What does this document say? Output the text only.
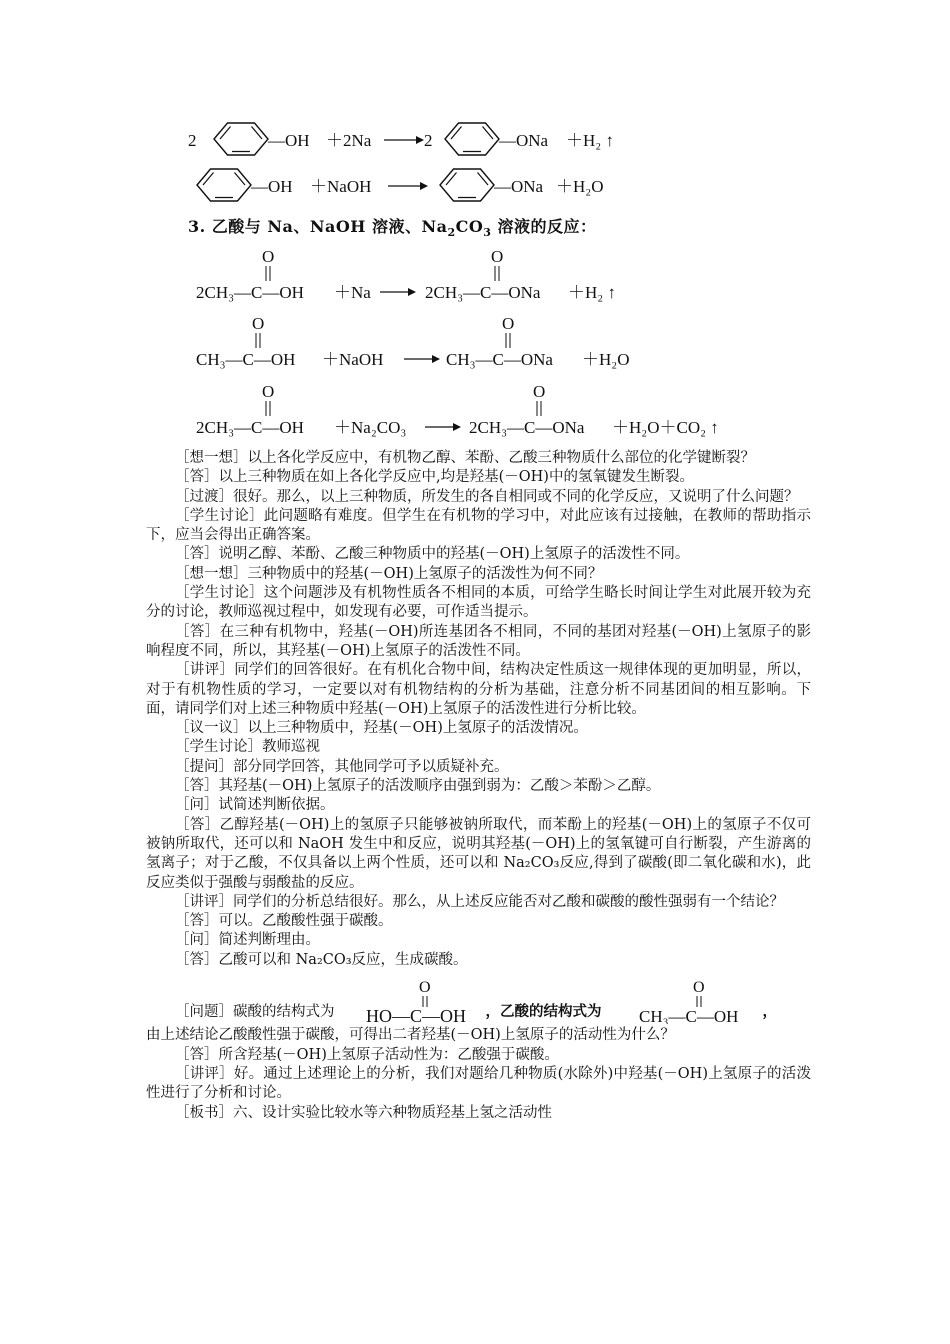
2	—OH ＋2Na	2	—ONa ＋H₂ ↑
—OH ＋NaOH	—ONa ＋H₂O
O
2CH₃—C—OH ＋Na
O
2CH₃—C—ONa ＋H₂ ↑
O
CH₃—C—OH ＋NaOH
O
CH₃—C—ONa ＋H₂O
O
2CH₃—C—OH ＋Na₂CO₃
O
2CH₃—C—ONa ＋H₂O＋CO₂ ↑
3. 乙酸与 Na、NaOH 溶液、$Na_2CO_3$ 溶液的反应：

［想一想］以上各化学反应中，有机物乙醇、苯酚、乙酸三种物质什么部位的化学键断裂？

［答］以上三种物质在如上各化学反应中,均是羟基(－OH)中的氢氧键发生断裂。

［过渡］很好。那么，以上三种物质，所发生的各自相同或不同的化学反应，又说明了什么问题？

［学生讨论］此问题略有难度。但学生在有机物的学习中，对此应该有过接触，在教师的帮助指示下，应当会得出正确答案。

［答］说明乙醇、苯酚、乙酸三种物质中的羟基(－OH)上氢原子的活泼性不同。

［想一想］三种物质中的羟基(－OH)上氢原子的活泼性为何不同？

［学生讨论］这个问题涉及有机物性质各不相同的本质，可给学生略长时间让学生对此展开较为充分的讨论，教师巡视过程中，如发现有必要，可作适当提示。

［答］在三种有机物中，羟基(－OH)所连基团各不相同，不同的基团对羟基(－OH)上氢原子的影响程度不同，所以，其羟基(－OH)上氢原子的活泼性不同。

［讲评］同学们的回答很好。在有机化合物中间，结构决定性质这一规律体现的更加明显，所以，对于有机物性质的学习，一定要以对有机物结构的分析为基础，注意分析不同基团间的相互影响。下面，请同学们对上述三种物质中羟基(－OH)上氢原子的活泼性进行分析比较。

［议一议］以上三种物质中，羟基(－OH)上氢原子的活泼情况。

［学生讨论］教师巡视

［提问］部分同学回答，其他同学可予以质疑补充。

［答］其羟基(－OH)上氢原子的活泼顺序由强到弱为：乙酸＞苯酚＞乙醇。

［问］试简述判断依据。

［答］乙醇羟基(－OH)上的氢原子只能够被钠所取代，而苯酚上的羟基(－OH)上的氢原子不仅可被钠所取代，还可以和 NaOH 发生中和反应，说明其羟基(－OH)上的氢氧键可自行断裂，产生游离的氢离子；对于乙酸，不仅具备以上两个性质，还可以和 Na₂CO₃反应,得到了碳酸(即二氧化碳和水)，此反应类似于强酸与弱酸盐的反应。

［讲评］同学们的分析总结很好。那么，从上述反应能否对乙酸和碳酸的酸性强弱有一个结论？

［答］可以。乙酸酸性强于碳酸。

［问］简述判断理由。

［答］乙酸可以和 Na₂CO₃反应，生成碳酸。

［问题］碳酸的结构式为
O
HO—C—OH ，乙酸的结构式为
O
CH₃—C—OH ，

由上述结论乙酸酸性强于碳酸，可得出二者羟基(－OH)上氢原子的活动性为什么？

［答］所含羟基(－OH)上氢原子活动性为：乙酸强于碳酸。

［讲评］好。通过上述理论上的分析，我们对题给几种物质(水除外)中羟基(－OH)上氢原子的活泼性进行了分析和讨论。

［板书］六、设计实验比较水等六种物质羟基上氢之活动性
